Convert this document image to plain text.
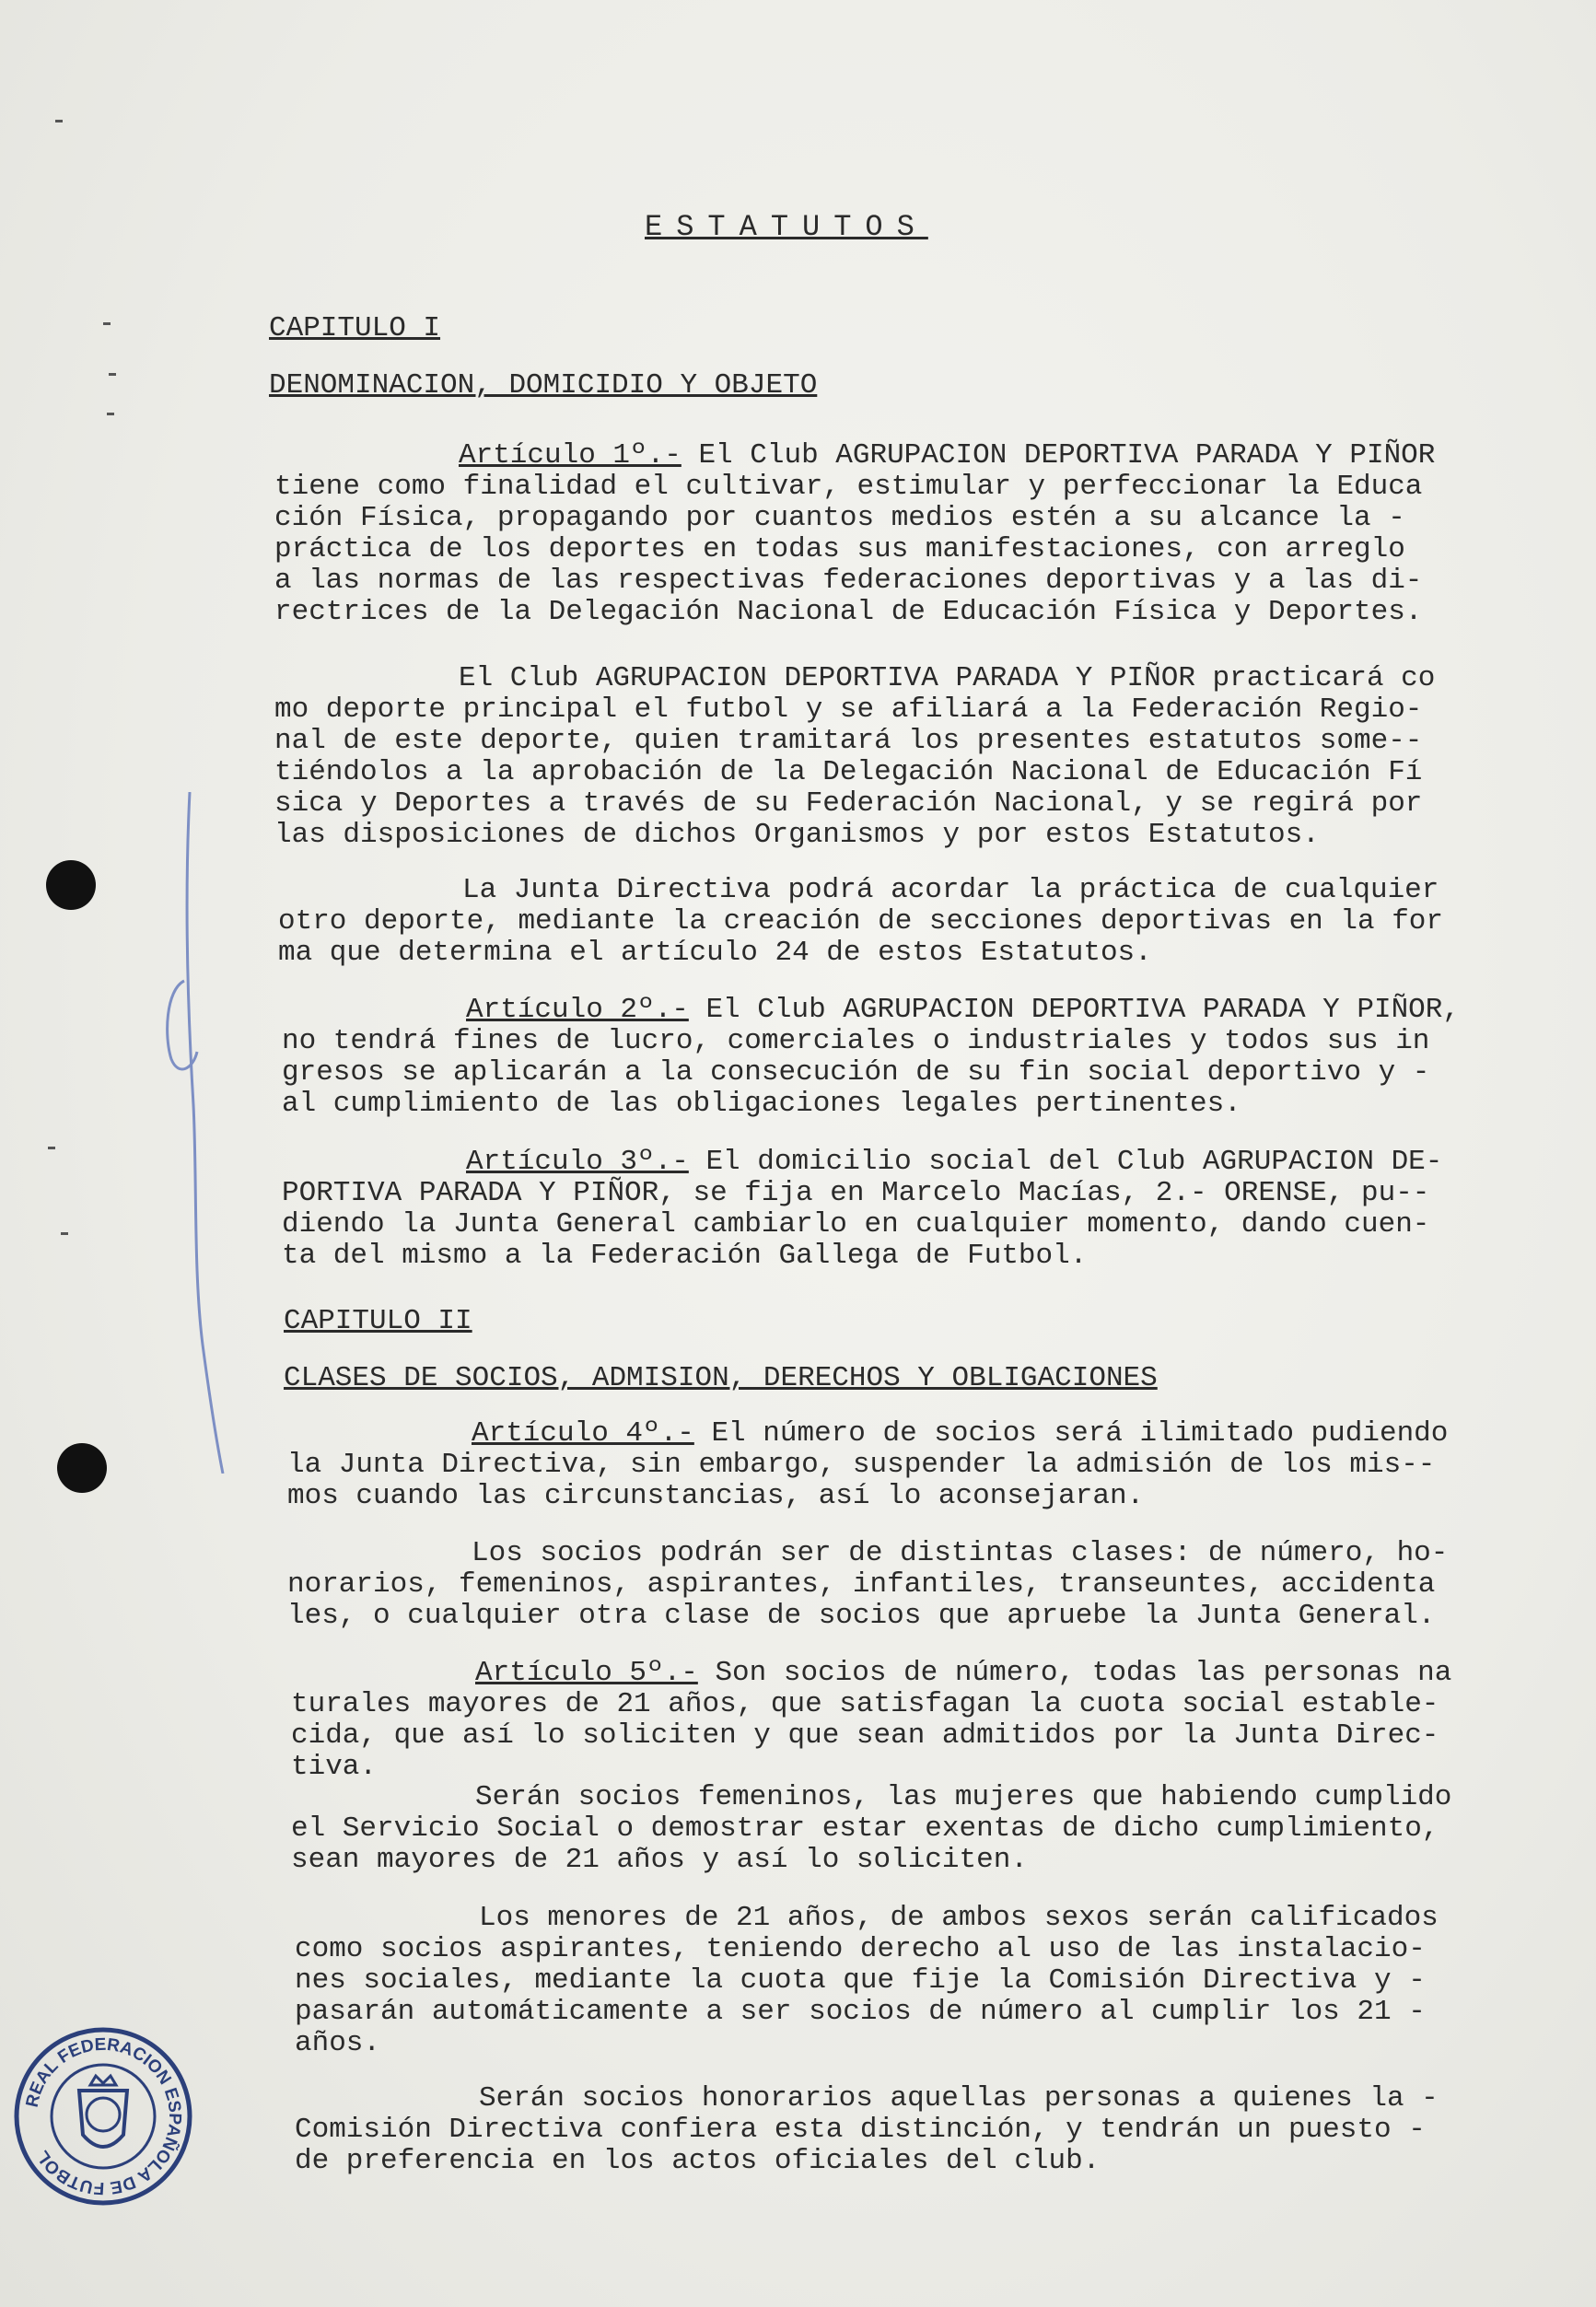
ESTATUTOS
CAPITULO I
DENOMINACION, DOMICIDIO Y OBJETO
Artículo 1º.- El Club AGRUPACION DEPORTIVA PARADA Y PIÑOR
tiene como finalidad el cultivar, estimular y perfeccionar la Educa
ción Física, propagando por cuantos medios estén a su alcance la -
práctica de los deportes en todas sus manifestaciones, con arreglo
a las normas de las respectivas federaciones deportivas y a las di-
rectrices de la Delegación Nacional de Educación Física y Deportes.
El Club AGRUPACION DEPORTIVA PARADA Y PIÑOR practicará co
mo deporte principal el futbol y se afiliará a la Federación Regio-
nal de este deporte, quien tramitará los presentes estatutos some--
tiéndolos a la aprobación de la Delegación Nacional de Educación Fí
sica y Deportes a través de su Federación Nacional, y se regirá por
las disposiciones de dichos Organismos y por estos Estatutos.
La Junta Directiva podrá acordar la práctica de cualquier
otro deporte, mediante la creación de secciones deportivas en la for
ma que determina el artículo 24 de estos Estatutos.
Artículo 2º.- El Club AGRUPACION DEPORTIVA PARADA Y PIÑOR,
no tendrá fines de lucro, comerciales o industriales y todos sus in
gresos se aplicarán a la consecución de su fin social deportivo y -
al cumplimiento de las obligaciones legales pertinentes.
Artículo 3º.- El domicilio social del Club AGRUPACION DE-
PORTIVA PARADA Y PIÑOR, se fija en Marcelo Macías, 2.- ORENSE, pu--
diendo la Junta General cambiarlo en cualquier momento, dando cuen-
ta del mismo a la Federación Gallega de Futbol.
CAPITULO II
CLASES DE SOCIOS, ADMISION, DERECHOS Y OBLIGACIONES
Artículo 4º.- El número de socios será ilimitado pudiendo
la Junta Directiva, sin embargo, suspender la admisión de los mis--
mos cuando las circunstancias, así lo aconsejaran.
Los socios podrán ser de distintas clases: de número, ho-
norarios, femeninos, aspirantes, infantiles, transeuntes, accidenta
les, o cualquier otra clase de socios que apruebe la Junta General.
Artículo 5º.- Son socios de número, todas las personas na
turales mayores de 21 años, que satisfagan la cuota social estable-
cida, que así lo soliciten y que sean admitidos por la Junta Direc-
tiva.
Serán socios femeninos, las mujeres que habiendo cumplido
el Servicio Social o demostrar estar exentas de dicho cumplimiento,
sean mayores de 21 años y así lo soliciten.
Los menores de 21 años, de ambos sexos serán calificados
como socios aspirantes, teniendo derecho al uso de las instalacio-
nes sociales, mediante la cuota que fije la Comisión Directiva y -
pasarán automáticamente a ser socios de número al cumplir los 21 -
años.
Serán socios honorarios aquellas personas a quienes la -
Comisión Directiva confiera esta distinción, y tendrán un puesto -
de preferencia en los actos oficiales del club.
REAL FEDERACION ESPAÑOLA DE FUTBOL
